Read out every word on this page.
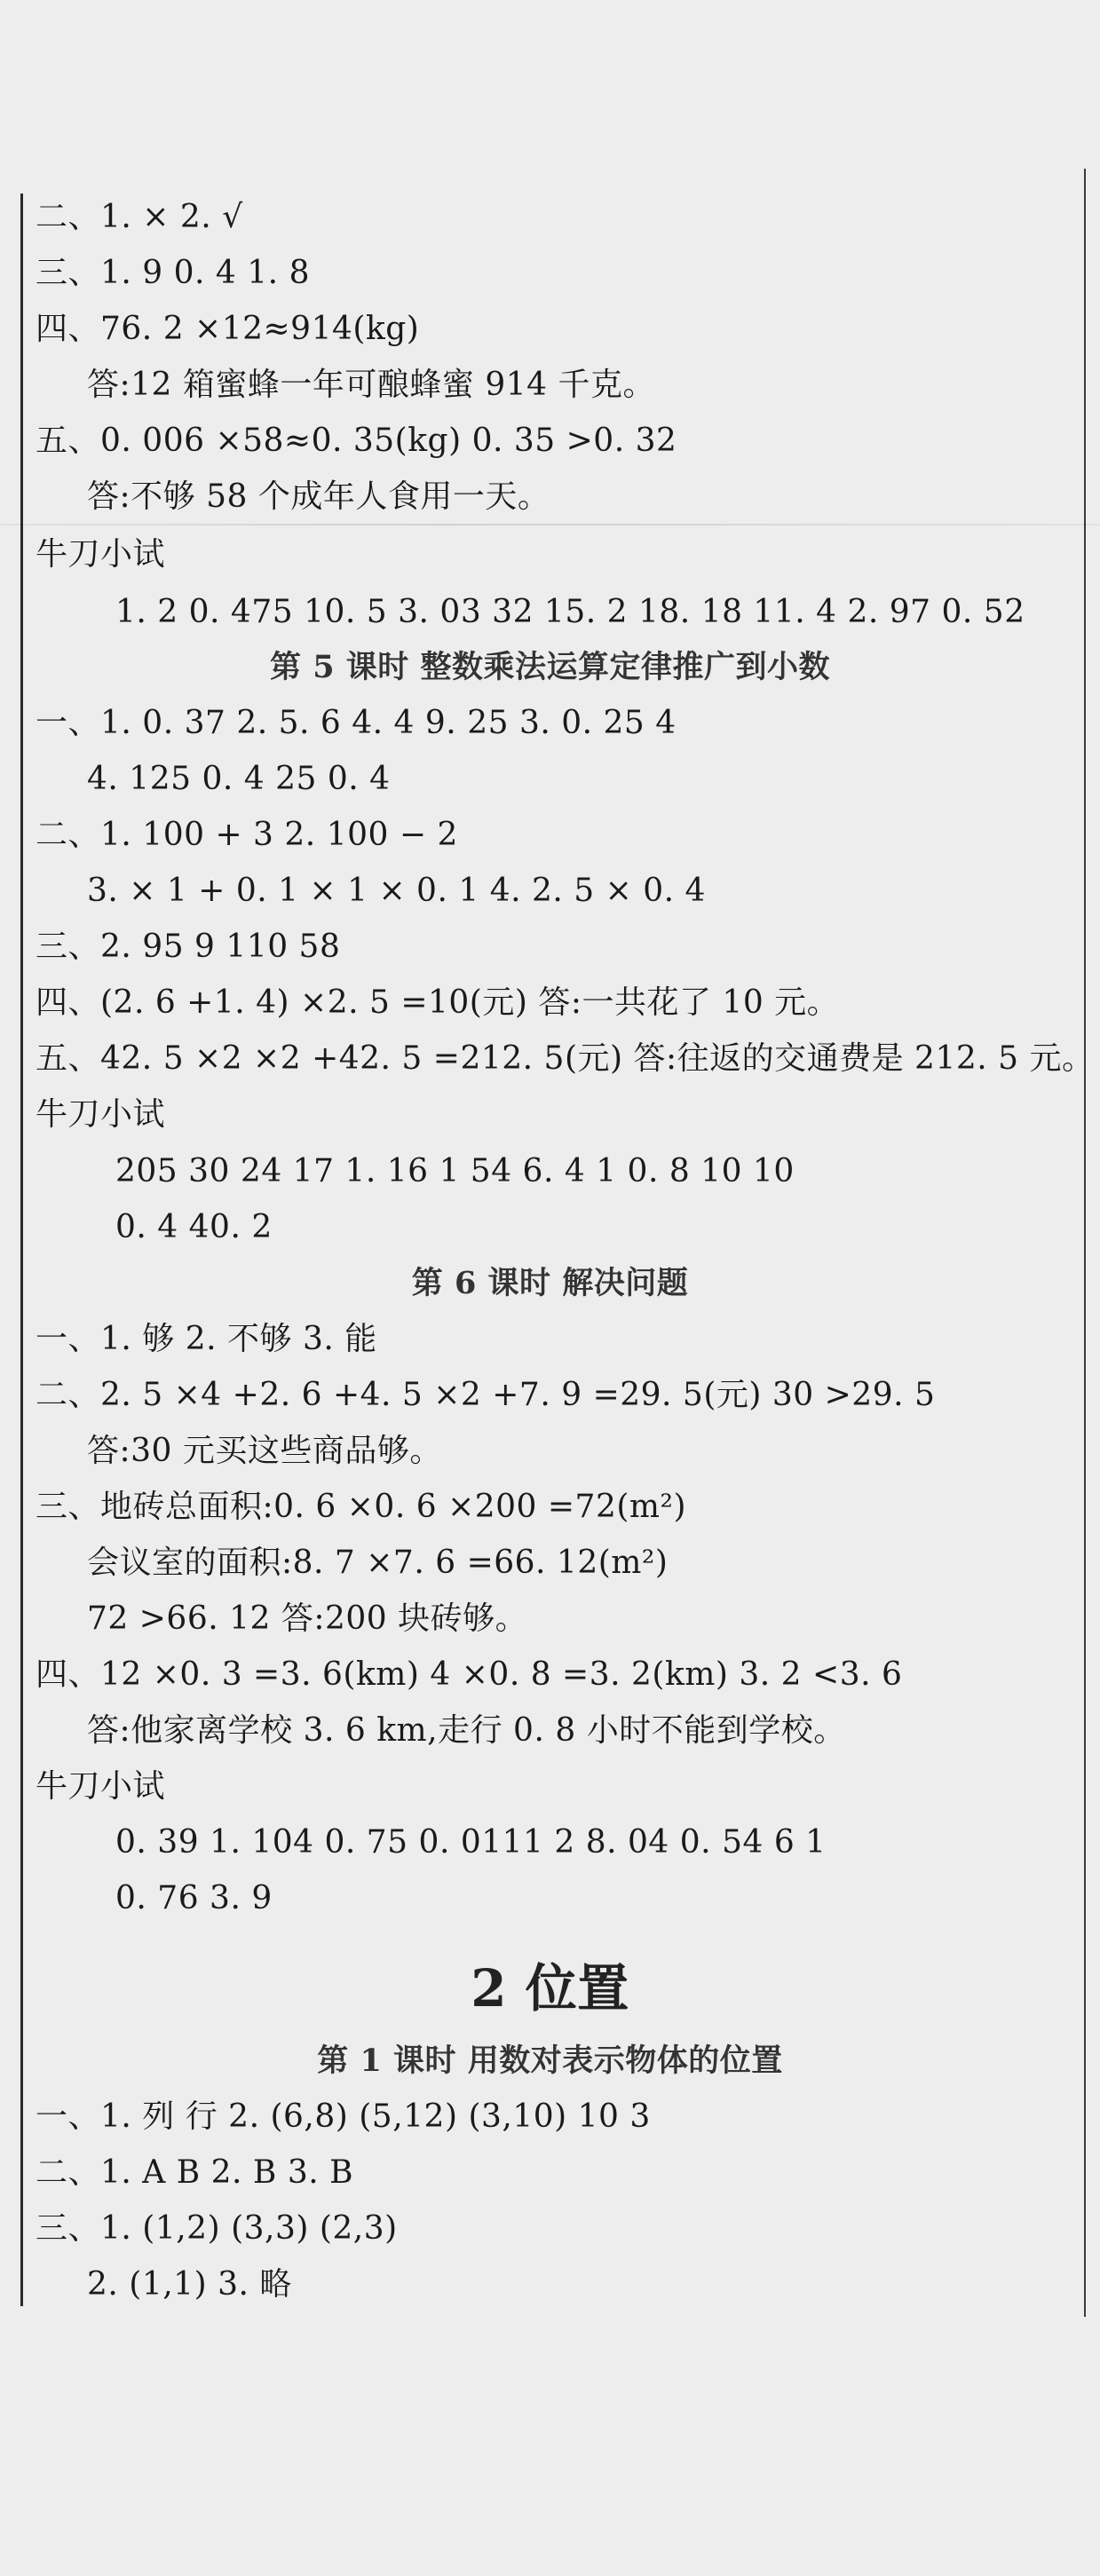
二、1. × 2. √
三、1. 9 0. 4 1. 8
四、76. 2 ×12≈914(kg)
答:12 箱蜜蜂一年可酿蜂蜜 914 千克。
五、0. 006 ×58≈0. 35(kg) 0. 35 >0. 32
答:不够 58 个成年人食用一天。
牛刀小试
1. 2 0. 475 10. 5 3. 03 32 15. 2 18. 18 11. 4 2. 97 0. 52
第 5 课时 整数乘法运算定律推广到小数
一、1. 0. 37 2. 5. 6 4. 4 9. 25 3. 0. 25 4
4. 125 0. 4 25 0. 4
二、1. 100 + 3 2. 100 − 2
3. × 1 + 0. 1 × 1 × 0. 1 4. 2. 5 × 0. 4
三、2. 95 9 110 58
四、(2. 6 +1. 4) ×2. 5 =10(元) 答:一共花了 10 元。
五、42. 5 ×2 ×2 +42. 5 =212. 5(元) 答:往返的交通费是 212. 5 元。
牛刀小试
205 30 24 17 1. 16 1 54 6. 4 1 0. 8 10 10
0. 4 40. 2
第 6 课时 解决问题
一、1. 够 2. 不够 3. 能
二、2. 5 ×4 +2. 6 +4. 5 ×2 +7. 9 =29. 5(元) 30 >29. 5
答:30 元买这些商品够。
三、地砖总面积:0. 6 ×0. 6 ×200 =72(m²)
会议室的面积:8. 7 ×7. 6 =66. 12(m²)
72 >66. 12 答:200 块砖够。
四、12 ×0. 3 =3. 6(km) 4 ×0. 8 =3. 2(km) 3. 2 <3. 6
答:他家离学校 3. 6 km,走行 0. 8 小时不能到学校。
牛刀小试
0. 39 1. 104 0. 75 0. 0111 2 8. 04 0. 54 6 1
0. 76 3. 9
2 位置
第 1 课时 用数对表示物体的位置
一、1. 列 行 2. (6,8) (5,12) (3,10) 10 3
二、1. A B 2. B 3. B
三、1. (1,2) (3,3) (2,3)
2. (1,1) 3. 略
